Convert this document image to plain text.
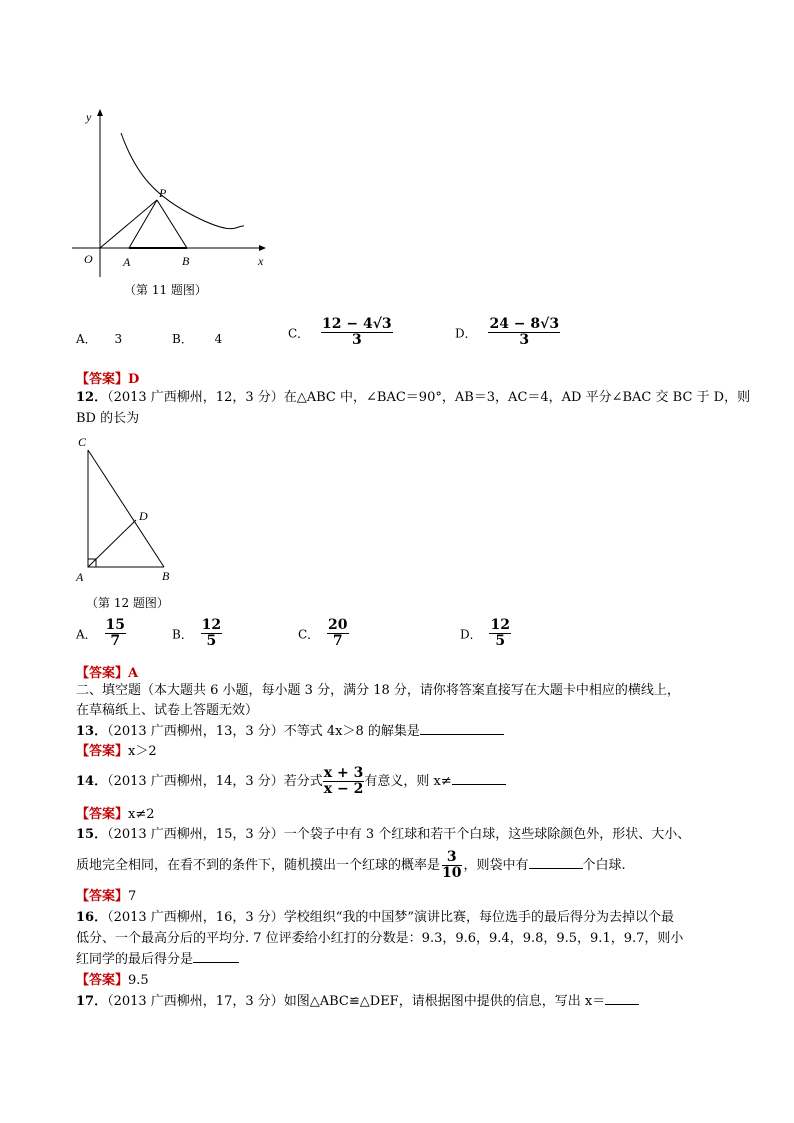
y
x
O
P
A	B
（第 11 题图）
A． 3	B． 4	C． $\frac{12 - 4√3}{3}$	D． $\frac{24 - 8√3}{3}$
【答案】D
12．（2013 广西柳州，12，3 分）在△ABC 中，∠BAC＝90°，AB＝3，AC＝4，AD 平分∠BAC 交 BC 于 D，则
BD 的长为
C
D
A	B
（第 12 题图）
A． $\frac{15}{7}$	B． $\frac{12}{5}$	C． $\frac{20}{7}$	D． $\frac{12}{5}$
【答案】A
二、填空题（本大题共 6 小题，每小题 3 分，满分 18 分，请你将答案直接写在大题卡中相应的横线上，
在草稿纸上、试卷上答题无效）
13．（2013 广西柳州，13，3 分）不等式 4x＞8 的解集是
【答案】x＞2
14．（2013 广西柳州，14，3 分）若分式 $\frac{x + 3}{x - 2}$ 有意义，则 x≠
【答案】x≠2
15．（2013 广西柳州，15，3 分）一个袋子中有 3 个红球和若干个白球，这些球除颜色外，形状、大小、
质地完全相同，在看不到的条件下，随机摸出一个红球的概率是 $\frac{3}{10}$ ，则袋中有	个白球.
【答案】7
16．（2013 广西柳州，16，3 分）学校组织“我的中国梦”演讲比赛，每位选手的最后得分为去掉以个最
低分、一个最高分后的平均分. 7 位评委给小红打的分数是：9.3，9.6，9.4，9.8，9.5，9.1，9.7，则小
红同学的最后得分是
【答案】9.5
17．（2013 广西柳州，17，3 分）如图△ABC≌△DEF，请根据图中提供的信息，写出 x＝
